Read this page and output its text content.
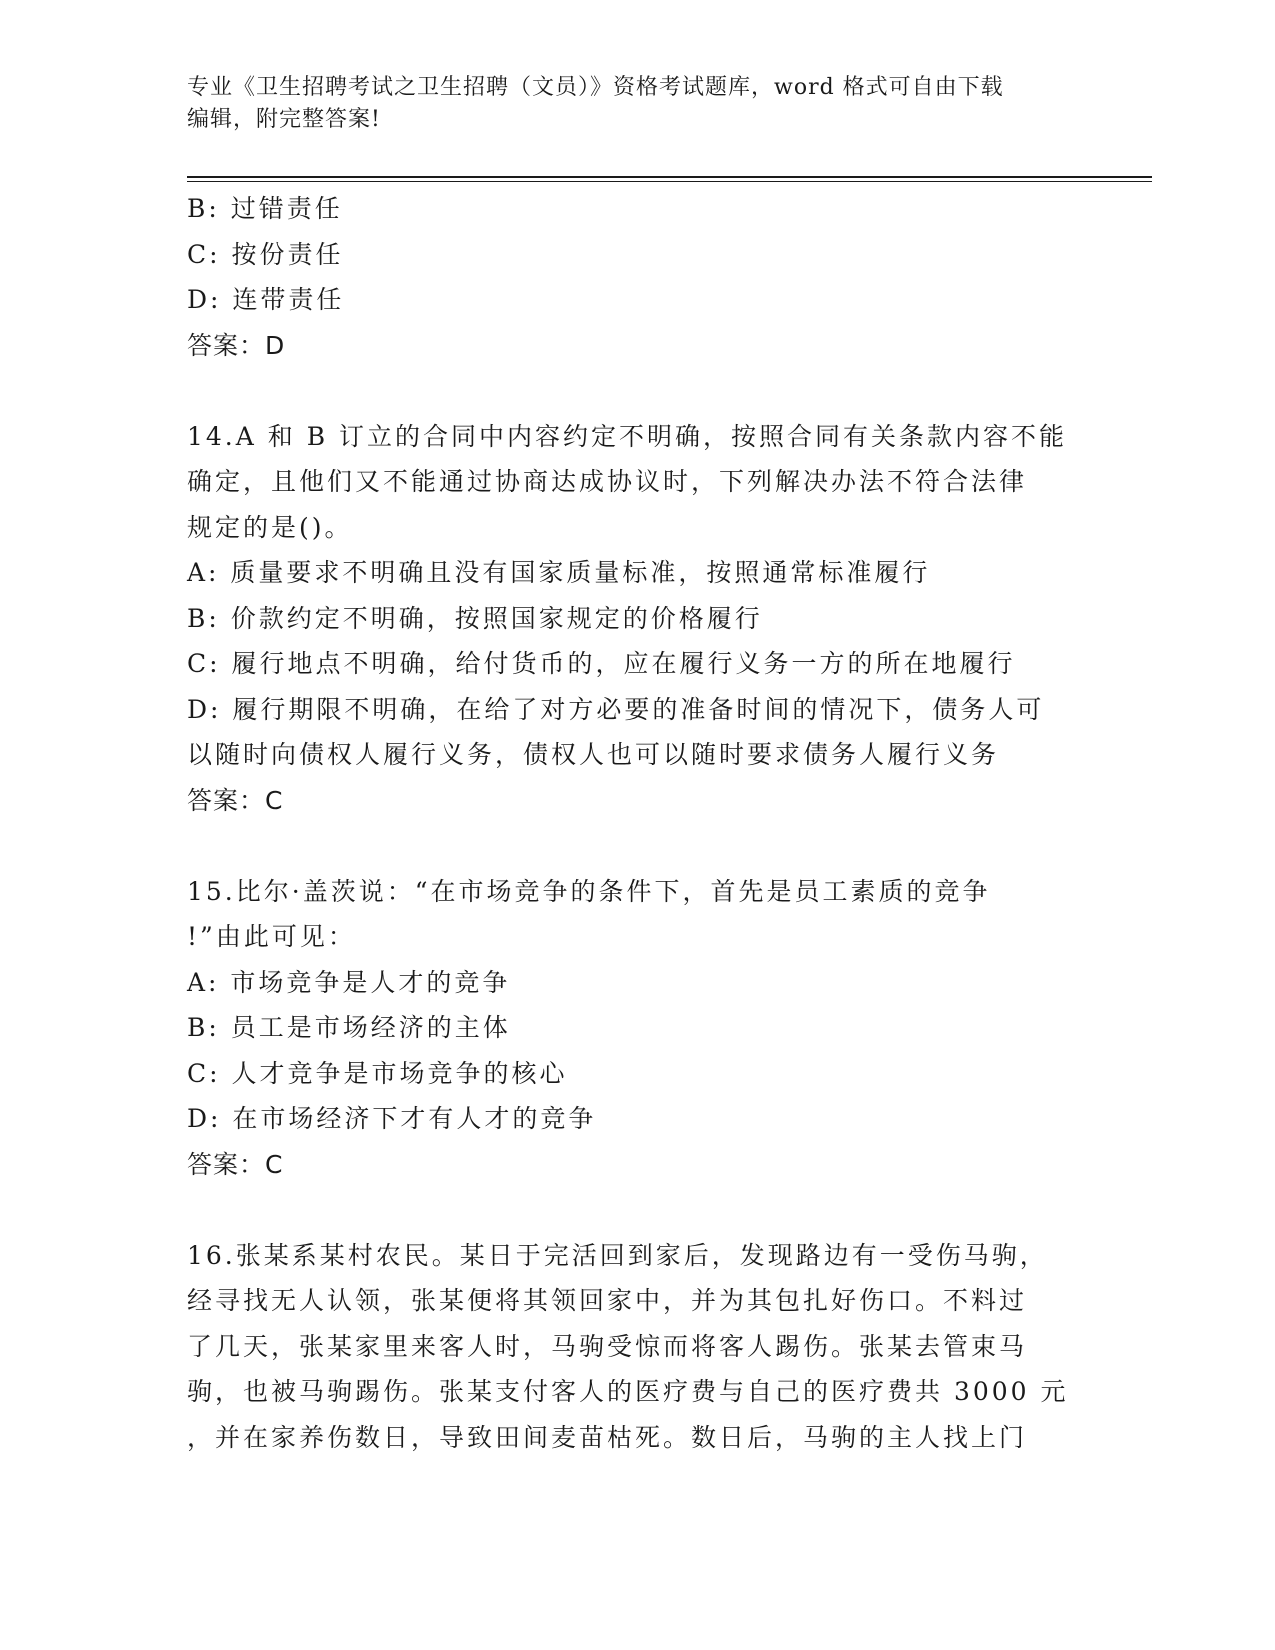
专业《卫生招聘考试之卫生招聘（文员）》资格考试题库，word 格式可自由下载
编辑，附完整答案!
B: 过错责任
C: 按份责任
D: 连带责任
答案：D
14.A 和 B 订立的合同中内容约定不明确，按照合同有关条款内容不能
确定，且他们又不能通过协商达成协议时，下列解决办法不符合法律
规定的是()。
A: 质量要求不明确且没有国家质量标准，按照通常标准履行
B: 价款约定不明确，按照国家规定的价格履行
C: 履行地点不明确，给付货币的，应在履行义务一方的所在地履行
D: 履行期限不明确，在给了对方必要的准备时间的情况下，债务人可
以随时向债权人履行义务，债权人也可以随时要求债务人履行义务
答案：C
15.比尔·盖茨说：“在市场竞争的条件下，首先是员工素质的竞争
!”由此可见：
A: 市场竞争是人才的竞争
B: 员工是市场经济的主体
C: 人才竞争是市场竞争的核心
D: 在市场经济下才有人才的竞争
答案：C
16.张某系某村农民。某日于完活回到家后，发现路边有一受伤马驹，
经寻找无人认领，张某便将其领回家中，并为其包扎好伤口。不料过
了几天，张某家里来客人时，马驹受惊而将客人踢伤。张某去管束马
驹，也被马驹踢伤。张某支付客人的医疗费与自己的医疗费共 3000 元
，并在家养伤数日，导致田间麦苗枯死。数日后，马驹的主人找上门
